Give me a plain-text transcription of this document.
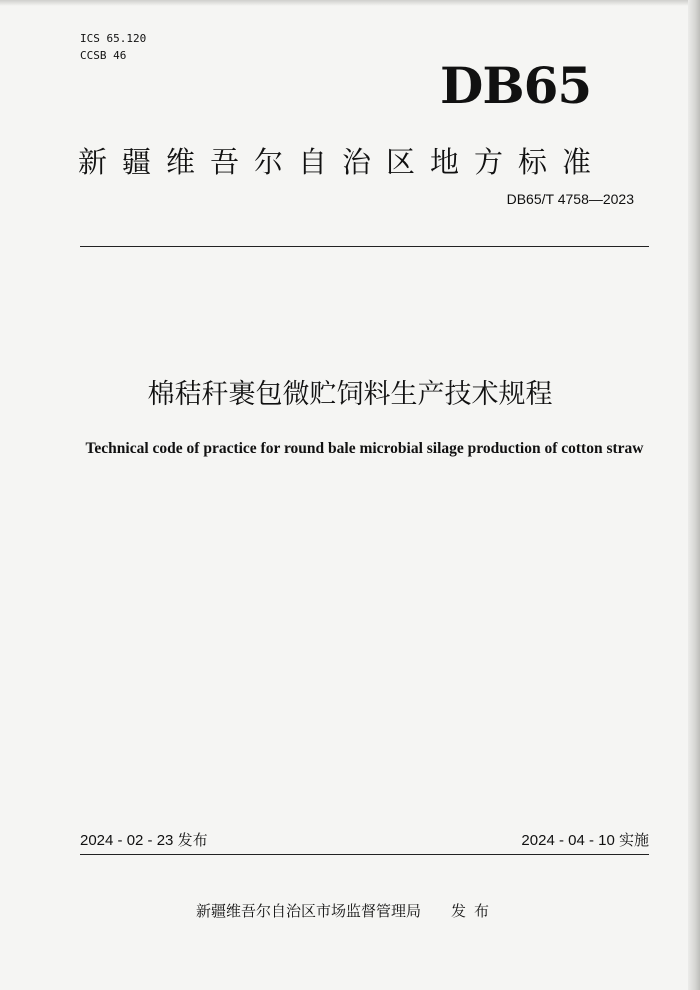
ICS 65.120
CCSB 46
DB65
新疆维吾尔自治区地方标准
DB65/T 4758—2023
棉秸秆裹包微贮饲料生产技术规程
Technical code of practice for round bale microbial silage production of cotton straw
2024 - 02 - 23 发布	2024 - 04 - 10 实施
新疆维吾尔自治区市场监督管理局 发布
